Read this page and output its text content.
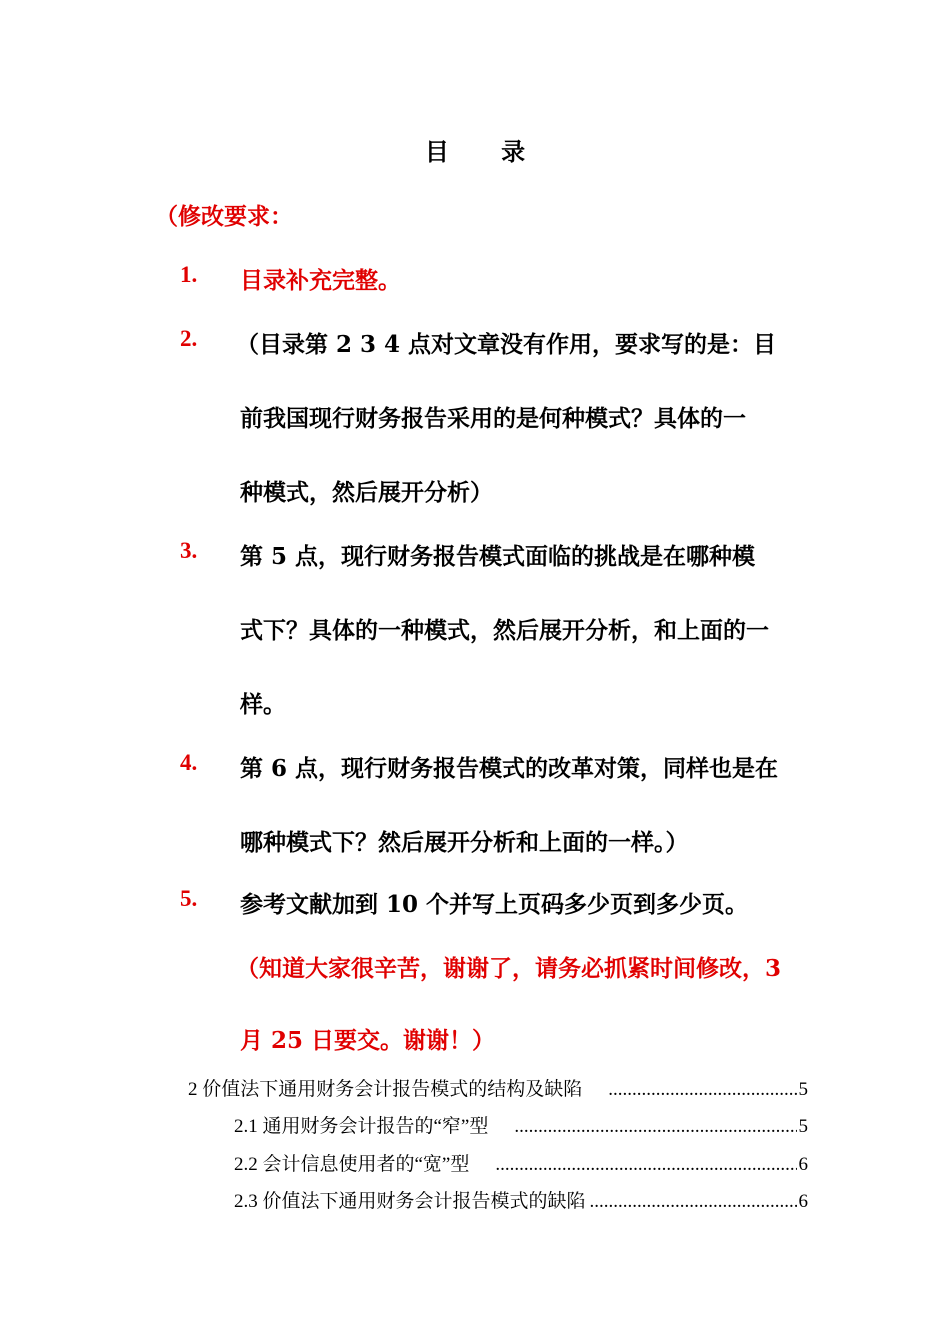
目 录
（修改要求：
1. 目录补充完整。
2. （目录第 2 3 4 点对文章没有作用，要求写的是：目
前我国现行财务报告采用的是何种模式？具体的一
种模式，然后展开分析）
3. 第 5 点，现行财务报告模式面临的挑战是在哪种模
式下？具体的一种模式，然后展开分析，和上面的一
样。
4. 第 6 点，现行财务报告模式的改革对策，同样也是在
哪种模式下？然后展开分析和上面的一样。）
5. 参考文献加到 10 个并写上页码多少页到多少页。
（知道大家很辛苦，谢谢了，请务必抓紧时间修改，3
月 25 日要交。谢谢！）
2 价值法下通用财务会计报告模式的结构及缺陷 .....	5
2.1 通用财务会计报告的“窄”型 .....	5
2.2 会计信息使用者的“宽”型 .....	6
2.3 价值法下通用财务会计报告模式的缺陷 .....	6
